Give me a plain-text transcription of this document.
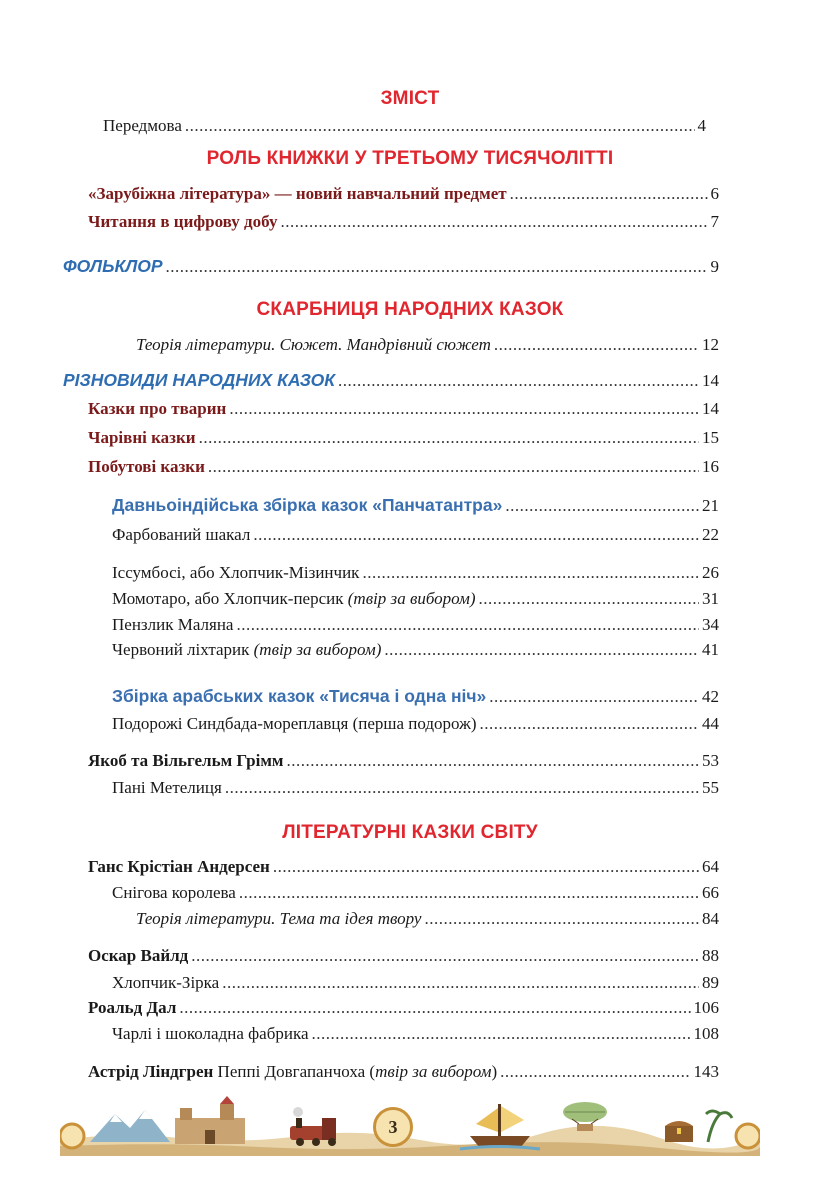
ЗМІСТ
Передмова .....	4
РОЛЬ КНИЖКИ У ТРЕТЬОМУ ТИСЯЧОЛІТТІ
«Зарубіжна література» — новий навчальний предмет .....	6
Читання в цифрову добу .....	7
ФОЛЬКЛОР .....	9
СКАРБНИЦЯ НАРОДНИХ КАЗОК
Теорія літератури. Сюжет. Мандрівний сюжет .....	12
РІЗНОВИДИ НАРОДНИХ КАЗОК .....	14
Казки про тварин .....	14
Чарівні казки .....	15
Побутові казки .....	16
Давньоіндійська збірка казок «Панчатантра» .....	21
Фарбований шакал .....	22
Іссумбосі, або Хлопчик-Мізинчик .....	26
Момотаро, або Хлопчик-персик
(твір за вибором) .....	31
Пензлик Маляна .....	34
Червоний ліхтарик
(твір за вибором) .....	41
Збірка арабських казок «Тисяча і одна ніч» .....	42
Подорожі Синдбада-мореплавця (перша подорож) .....	44
Якоб та Вільгельм Грімм .....	53
Пані Метелиця .....	55
ЛІТЕРАТУРНІ КАЗКИ СВІТУ
Ганс Крістіан Андерсен .....	64
Снігова королева .....	66
Теорія літератури. Тема та ідея твору .....	84
Оскар Вайлд .....	88
Хлопчик-Зірка .....	89
Роальд Дал .....	106
Чарлі і шоколадна фабрика .....	108
Астрід Ліндгрен
Пеппі Довгапанчоха ( твір за вибором ) .....	143
3
